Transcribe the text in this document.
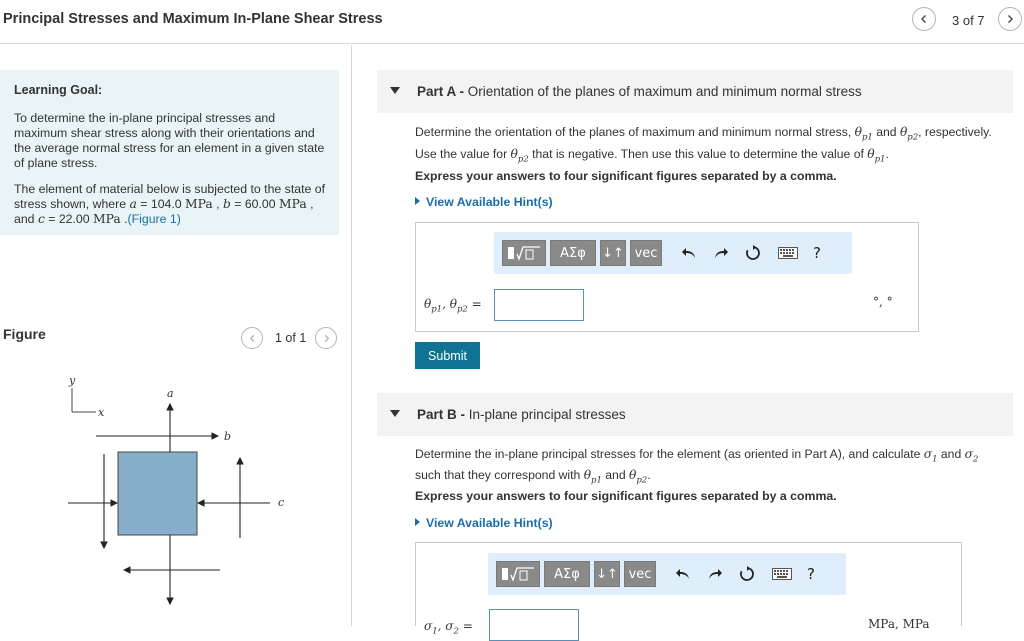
Principal Stresses and Maximum In-Plane Shear Stress	3 of 7
Learning Goal:
To determine the in-plane principal stresses and maximum shear stress along with their orientations and the average normal stress for an element in a given state of plane stress.
The element of material below is subjected to the state of stress shown, where a = 104.0 MPa , b = 60.00 MPa ,
and c = 22.00 MPa .(Figure 1)
Figure	1 of 1
y
x
a
b
c
Part A - Orientation of the planes of maximum and minimum normal stress
Determine the orientation of the planes of maximum and minimum normal stress, $\theta_{p1}$ and $\theta_{p2}$, respectively.
Use the value for $\theta_{p2}$ that is negative. Then use this value to determine the value of $\theta_{p1}$.
Express your answers to four significant figures separated by a comma.
View Available Hint(s)
ΑΣφ	↓↑ vec	?
$\theta_{p1}$, $\theta_{p2}$ =	°, °
Submit
Part B - In-plane principal stresses
Determine the in-plane principal stresses for the element (as oriented in Part A), and calculate $\sigma_1$ and $\sigma_2$
such that they correspond with $\theta_{p1}$ and $\theta_{p2}$.
Express your answers to four significant figures separated by a comma.
View Available Hint(s)
ΑΣφ	↓↑ vec	?
$\sigma_1$, $\sigma_2$ =	MPa, MPa
